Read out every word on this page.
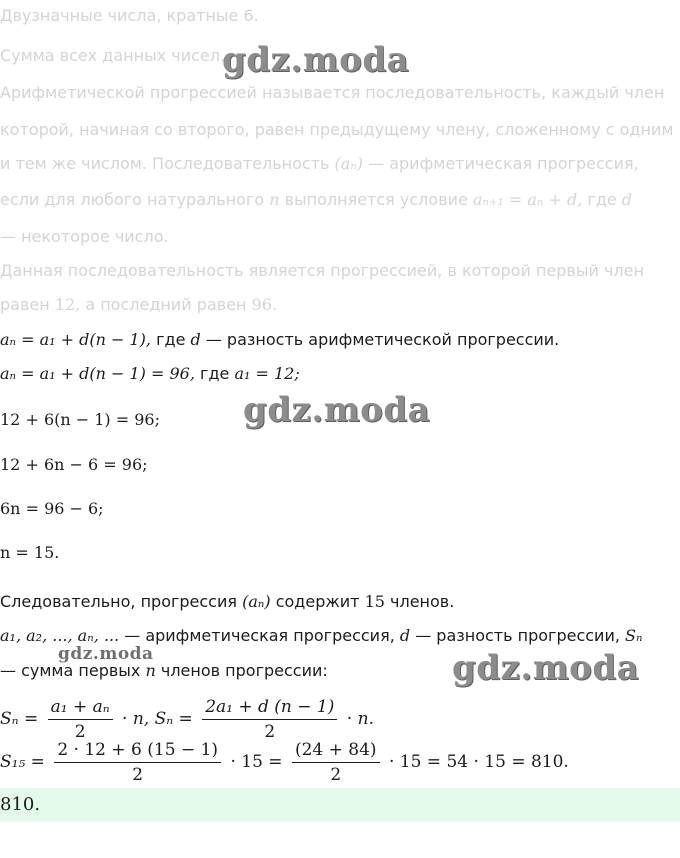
Двузначные числа, кратные 6.
Сумма всех данных чисел.
Арифметической прогрессией называется последовательность, каждый член
которой, начиная со второго, равен предыдущему члену, сложенному с одним
и тем же числом. Последовательность (aₙ) — арифметическая прогрессия,
если для любого натурального n выполняется условие aₙ₊₁ = aₙ + d, где d
— некоторое число.
Данная последовательность является прогрессией, в которой первый член
равен 12, а последний равен 96.
aₙ = a₁ + d(n − 1), где d — разность арифметической прогрессии.
aₙ = a₁ + d(n − 1) = 96, где a₁ = 12;
12 + 6(n − 1) = 96;
12 + 6n − 6 = 96;
6n = 96 − 6;
n = 15.
Следовательно, прогрессия (aₙ) содержит 15 членов.
a₁, a₂, ..., aₙ, ... — арифметическая прогрессия, d — разность прогрессии, Sₙ
— сумма первых n членов прогрессии:
$S_n = \frac{\text{a₁ + aₙ}}{2} \cdot n$, $S_n = \frac{\text{2a₁ + d (n − 1)}}{2} \cdot n$.
$S_{15} = \frac{2 \cdot 12 + 6 (15 - 1)}{2} \cdot 15 = \frac{(24 + 84)}{2} \cdot 15 = 54 \cdot 15 = 810$.
810.
gdz.moda
gdz.moda
gdz.moda	gdz.moda
